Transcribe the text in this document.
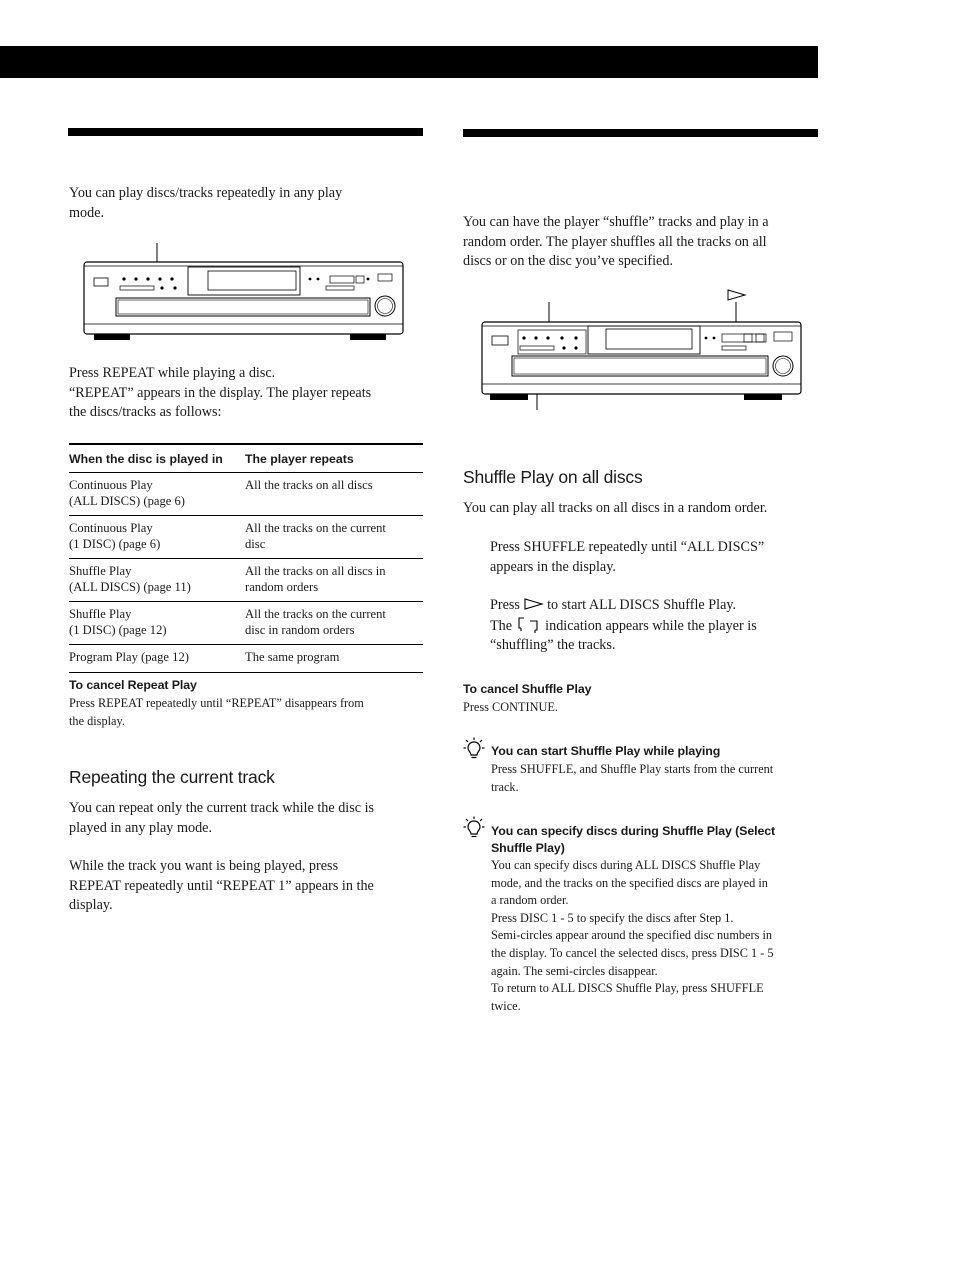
You can play discs/tracks repeatedly in any play
mode.
Press REPEAT while playing a disc.
“REPEAT” appears in the display. The player repeats
the discs/tracks as follows:
When the disc is played in	The player repeats

Continuous Play
(ALL DISCS) (page 6)	All the tracks on all discs

Continuous Play
(1 DISC) (page 6)	All the tracks on the current
disc

Shuffle Play
(ALL DISCS) (page 11)	All the tracks on all discs in
random orders

Shuffle Play
(1 DISC) (page 12)	All the tracks on the current
disc in random orders

Program Play (page 12)	The same program
To cancel Repeat Play
Press REPEAT repeatedly until “REPEAT” disappears from
the display.
Repeating the current track
You can repeat only the current track while the disc is
played in any play mode.
While the track you want is being played, press
REPEAT repeatedly until “REPEAT 1” appears in the
display.
You can have the player “shuffle” tracks and play in a
random order. The player shuffles all the tracks on all
discs or on the disc you’ve specified.
Shuffle Play on all discs
You can play all tracks on all discs in a random order.
Press SHUFFLE repeatedly until “ALL DISCS”
appears in the display.
Press to start ALL DISCS Shuffle Play.
The indication appears while the player is
“shuffling” the tracks.
To cancel Shuffle Play
Press CONTINUE.
You can start Shuffle Play while playing
Press SHUFFLE, and Shuffle Play starts from the current
track.
You can specify discs during Shuffle Play (Select
Shuffle Play)
You can specify discs during ALL DISCS Shuffle Play
mode, and the tracks on the specified discs are played in
a random order.
Press DISC 1 - 5 to specify the discs after Step 1.
Semi-circles appear around the specified disc numbers in
the display. To cancel the selected discs, press DISC 1 - 5
again. The semi-circles disappear.
To return to ALL DISCS Shuffle Play, press SHUFFLE
twice.
